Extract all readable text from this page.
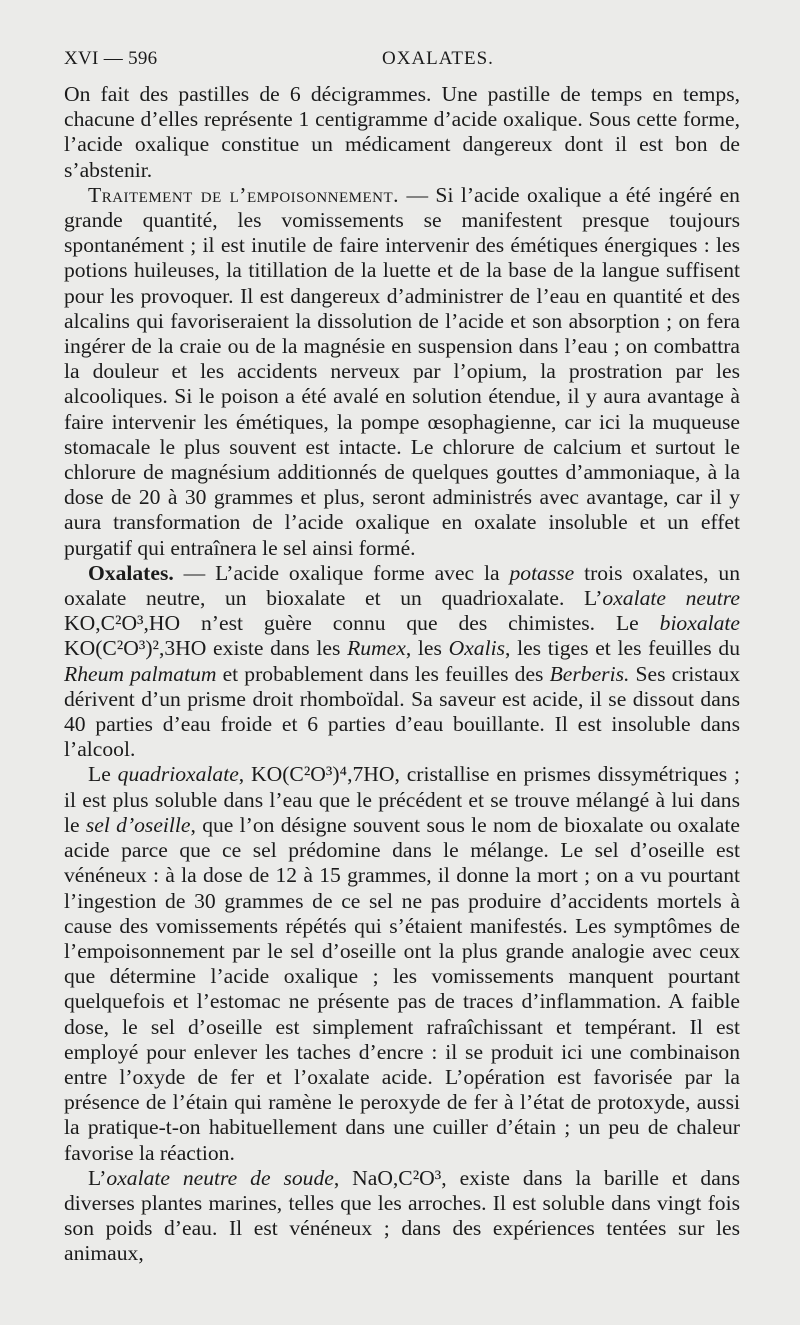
XVI — 596	OXALATES.

On fait des pastilles de 6 décigrammes. Une pastille de temps en temps, chacune d’elles représente 1 centigramme d’acide oxalique. Sous cette forme, l’acide oxalique constitue un médicament dangereux dont il est bon de s’abstenir.

Traitement de l’empoisonnement. — Si l’acide oxalique a été ingéré en grande quantité, les vomissements se manifestent presque toujours spontanément ; il est inutile de faire intervenir des émétiques énergiques : les potions huileuses, la titillation de la luette et de la base de la langue suffisent pour les provoquer. Il est dangereux d’administrer de l’eau en quantité et des alcalins qui favoriseraient la dissolution de l’acide et son absorption ; on fera ingérer de la craie ou de la magnésie en suspension dans l’eau ; on combattra la douleur et les accidents nerveux par l’opium, la prostration par les alcooliques. Si le poison a été avalé en solution étendue, il y aura avantage à faire intervenir les émétiques, la pompe œsophagienne, car ici la muqueuse stomacale le plus souvent est intacte. Le chlorure de calcium et surtout le chlorure de magnésium additionnés de quelques gouttes d’ammoniaque, à la dose de 20 à 30 grammes et plus, seront administrés avec avantage, car il y aura transformation de l’acide oxalique en oxalate insoluble et un effet purgatif qui entraînera le sel ainsi formé.

Oxalates. — L’acide oxalique forme avec la potasse trois oxalates, un oxalate neutre, un bioxalate et un quadrioxalate. L’oxalate neutre KO,C²O³,HO n’est guère connu que des chimistes. Le bioxalate KO(C²O³)²,3HO existe dans les Rumex, les Oxalis, les tiges et les feuilles du Rheum palmatum et probablement dans les feuilles des Berberis. Ses cristaux dérivent d’un prisme droit rhomboïdal. Sa saveur est acide, il se dissout dans 40 parties d’eau froide et 6 parties d’eau bouillante. Il est insoluble dans l’alcool.

Le quadrioxalate, KO(C²O³)⁴,7HO, cristallise en prismes dissymétriques ; il est plus soluble dans l’eau que le précédent et se trouve mélangé à lui dans le sel d’oseille, que l’on désigne souvent sous le nom de bioxalate ou oxalate acide parce que ce sel prédomine dans le mélange. Le sel d’oseille est vénéneux : à la dose de 12 à 15 grammes, il donne la mort ; on a vu pourtant l’ingestion de 30 grammes de ce sel ne pas produire d’accidents mortels à cause des vomissements répétés qui s’étaient manifestés. Les symptômes de l’empoisonnement par le sel d’oseille ont la plus grande analogie avec ceux que détermine l’acide oxalique ; les vomissements manquent pourtant quelquefois et l’estomac ne présente pas de traces d’inflammation. A faible dose, le sel d’oseille est simplement rafraîchissant et tempérant. Il est employé pour enlever les taches d’encre : il se produit ici une combinaison entre l’oxyde de fer et l’oxalate acide. L’opération est favorisée par la présence de l’étain qui ramène le peroxyde de fer à l’état de protoxyde, aussi la pratique-t-on habituellement dans une cuiller d’étain ; un peu de chaleur favorise la réaction.

L’oxalate neutre de soude, NaO,C²O³, existe dans la barille et dans diverses plantes marines, telles que les arroches. Il est soluble dans vingt fois son poids d’eau. Il est vénéneux ; dans des expériences tentées sur les animaux,
